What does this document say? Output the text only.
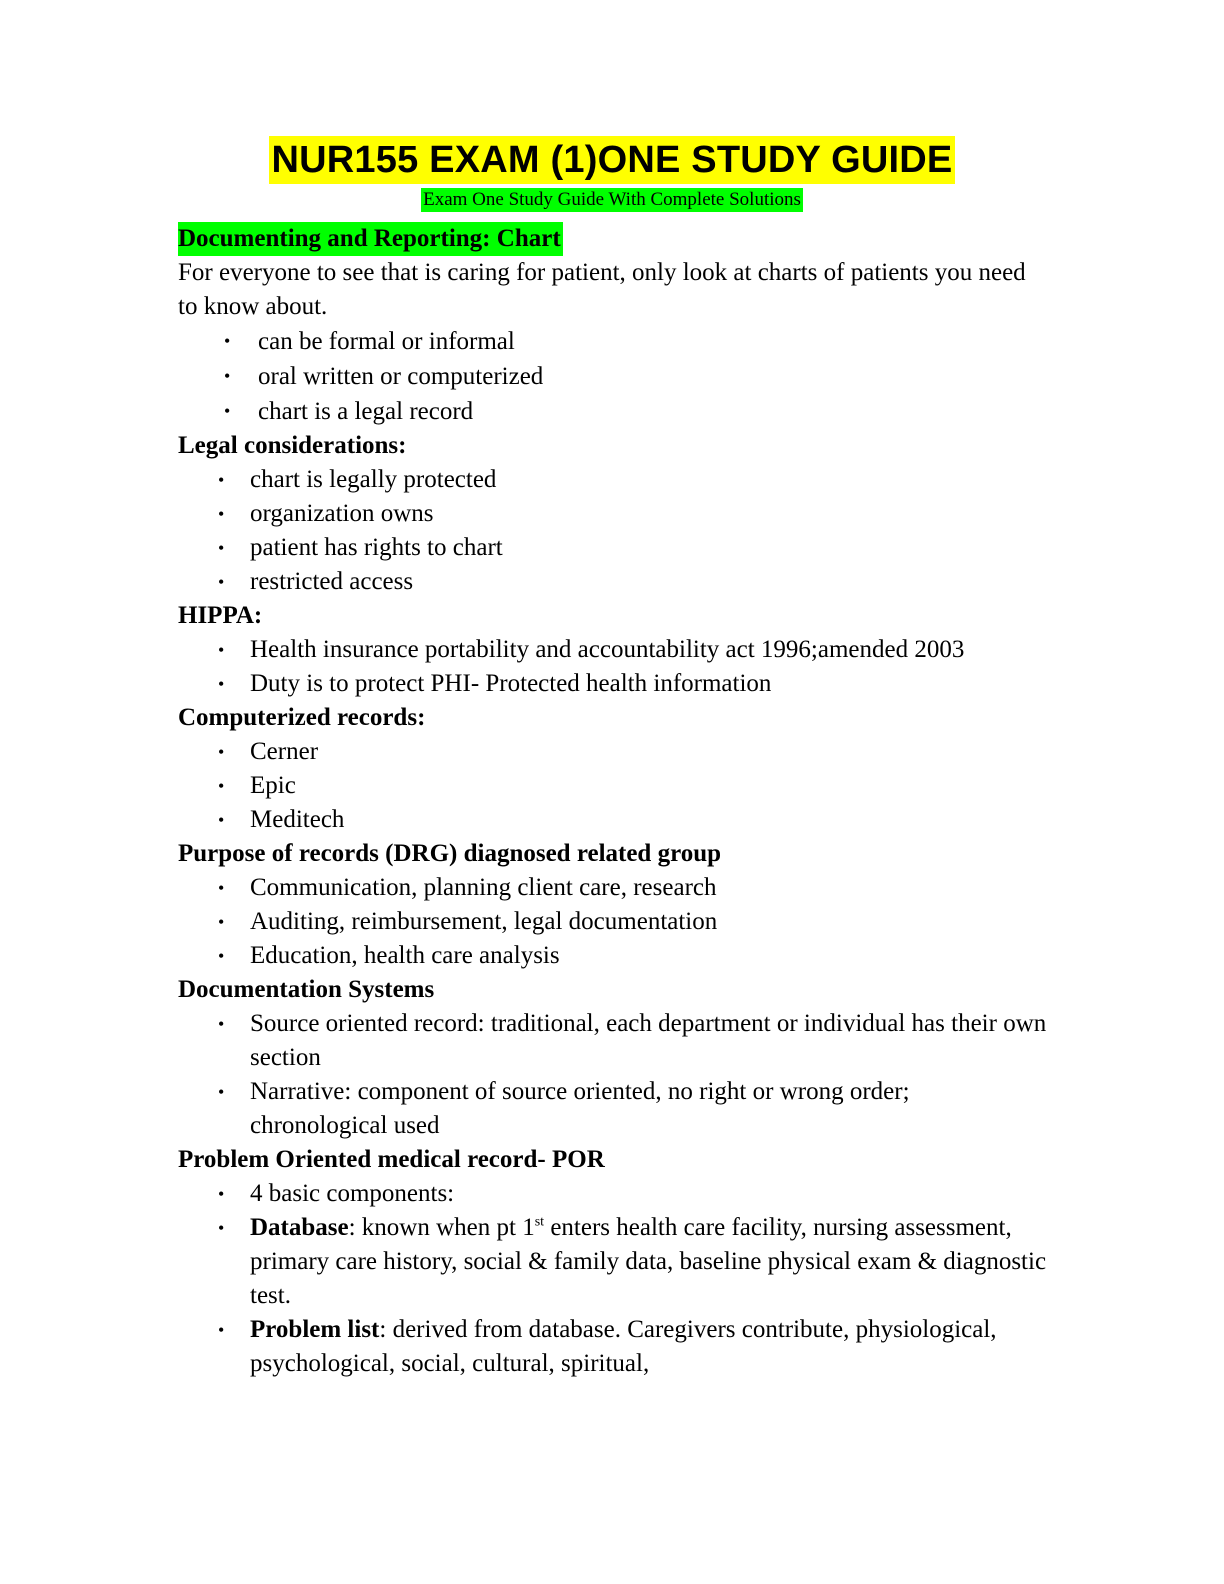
NUR155 EXAM (1)ONE STUDY GUIDE
Exam One Study Guide With Complete Solutions
Documenting and Reporting: Chart

For everyone to see that is caring for patient, only look at charts of patients you need to know about.

• can be formal or informal
• oral written or computerized
• chart is a legal record
Legal considerations:
• chart is legally protected
• organization owns
• patient has rights to chart
• restricted access
HIPPA:
• Health insurance portability and accountability act 1996;amended 2003
• Duty is to protect PHI- Protected health information
Computerized records:
• Cerner
• Epic
• Meditech
Purpose of records (DRG) diagnosed related group
• Communication, planning client care, research
• Auditing, reimbursement, legal documentation
• Education, health care analysis
Documentation Systems
• Source oriented record: traditional, each department or individual has their own section
• Narrative: component of source oriented, no right or wrong order; chronological used
Problem Oriented medical record- POR
• 4 basic components:
• Database: known when pt 1st enters health care facility, nursing assessment, primary care history, social & family data, baseline physical exam & diagnostic test.
• Problem list: derived from database. Caregivers contribute, physiological, psychological, social, cultural, spiritual,
